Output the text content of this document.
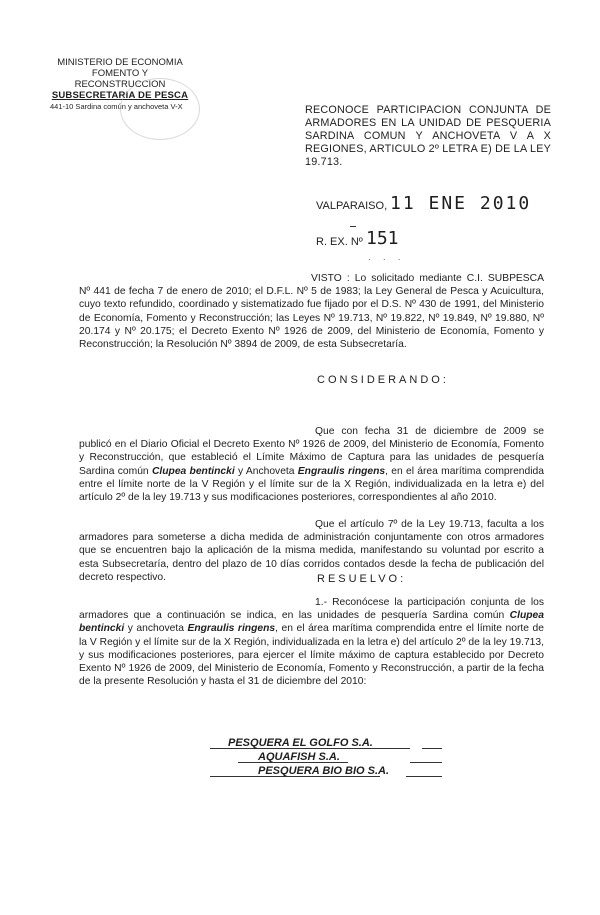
MINISTERIO DE ECONOMIA
FOMENTO Y RECONSTRUCCION
SUBSECRETARIA DE PESCA
441-10 Sardina común y anchoveta V-X	RECONOCE PARTICIPACION CONJUNTA DE ARMADORES EN LA UNIDAD DE PESQUERIA SARDINA COMUN Y ANCHOVETA V A X REGIONES, ARTICULO 2º LETRA E) DE LA LEY 19.713.
VALPARAISO, 11 ENE 2010
R. EX. Nº 151
· · ·
VISTO : Lo solicitado mediante C.I. SUBPESCA Nº 441 de fecha 7 de enero de 2010; el D.F.L. Nº 5 de 1983; la Ley General de Pesca y Acuicultura, cuyo texto refundido, coordinado y sistematizado fue fijado por el D.S. Nº 430 de 1991, del Ministerio de Economía, Fomento y Reconstrucción; las Leyes Nº 19.713, Nº 19.822, Nº 19.849, Nº 19.880, Nº 20.174 y Nº 20.175; el Decreto Exento Nº 1926 de 2009, del Ministerio de Economía, Fomento y Reconstrucción; la Resolución Nº 3894 de 2009, de esta Subsecretaría.
CONSIDERANDO:
Que con fecha 31 de diciembre de 2009 se publicó en el Diario Oficial el Decreto Exento Nº 1926 de 2009, del Ministerio de Economía, Fomento y Reconstrucción, que estableció el Límite Máximo de Captura para las unidades de pesquería Sardina común Clupea bentincki y Anchoveta Engraulis ringens, en el área marítima comprendida entre el límite norte de la V Región y el límite sur de la X Región, individualizada en la letra e) del artículo 2º de la ley 19.713 y sus modificaciones posteriores, correspondientes al año 2010.
Que el artículo 7º de la Ley 19.713, faculta a los armadores para someterse a dicha medida de administración conjuntamente con otros armadores que se encuentren bajo la aplicación de la misma medida, manifestando su voluntad por escrito a esta Subsecretaría, dentro del plazo de 10 días corridos contados desde la fecha de publicación del decreto respectivo.	RESUELVO:
1.- Reconócese la participación conjunta de los armadores que a continuación se indica, en las unidades de pesquería Sardina común Clupea bentincki y anchoveta Engraulis ringens, en el área marítima comprendida entre el límite norte de la V Región y el límite sur de la X Región, individualizada en la letra e) del artículo 2º de la ley 19.713, y sus modificaciones posteriores, para ejercer el límite máximo de captura establecido por Decreto Exento Nº 1926 de 2009, del Ministerio de Economía, Fomento y Reconstrucción, a partir de la fecha de la presente Resolución y hasta el 31 de diciembre del 2010:
PESQUERA EL GOLFO S.A.
AQUAFISH S.A.
PESQUERA BIO BIO S.A.
